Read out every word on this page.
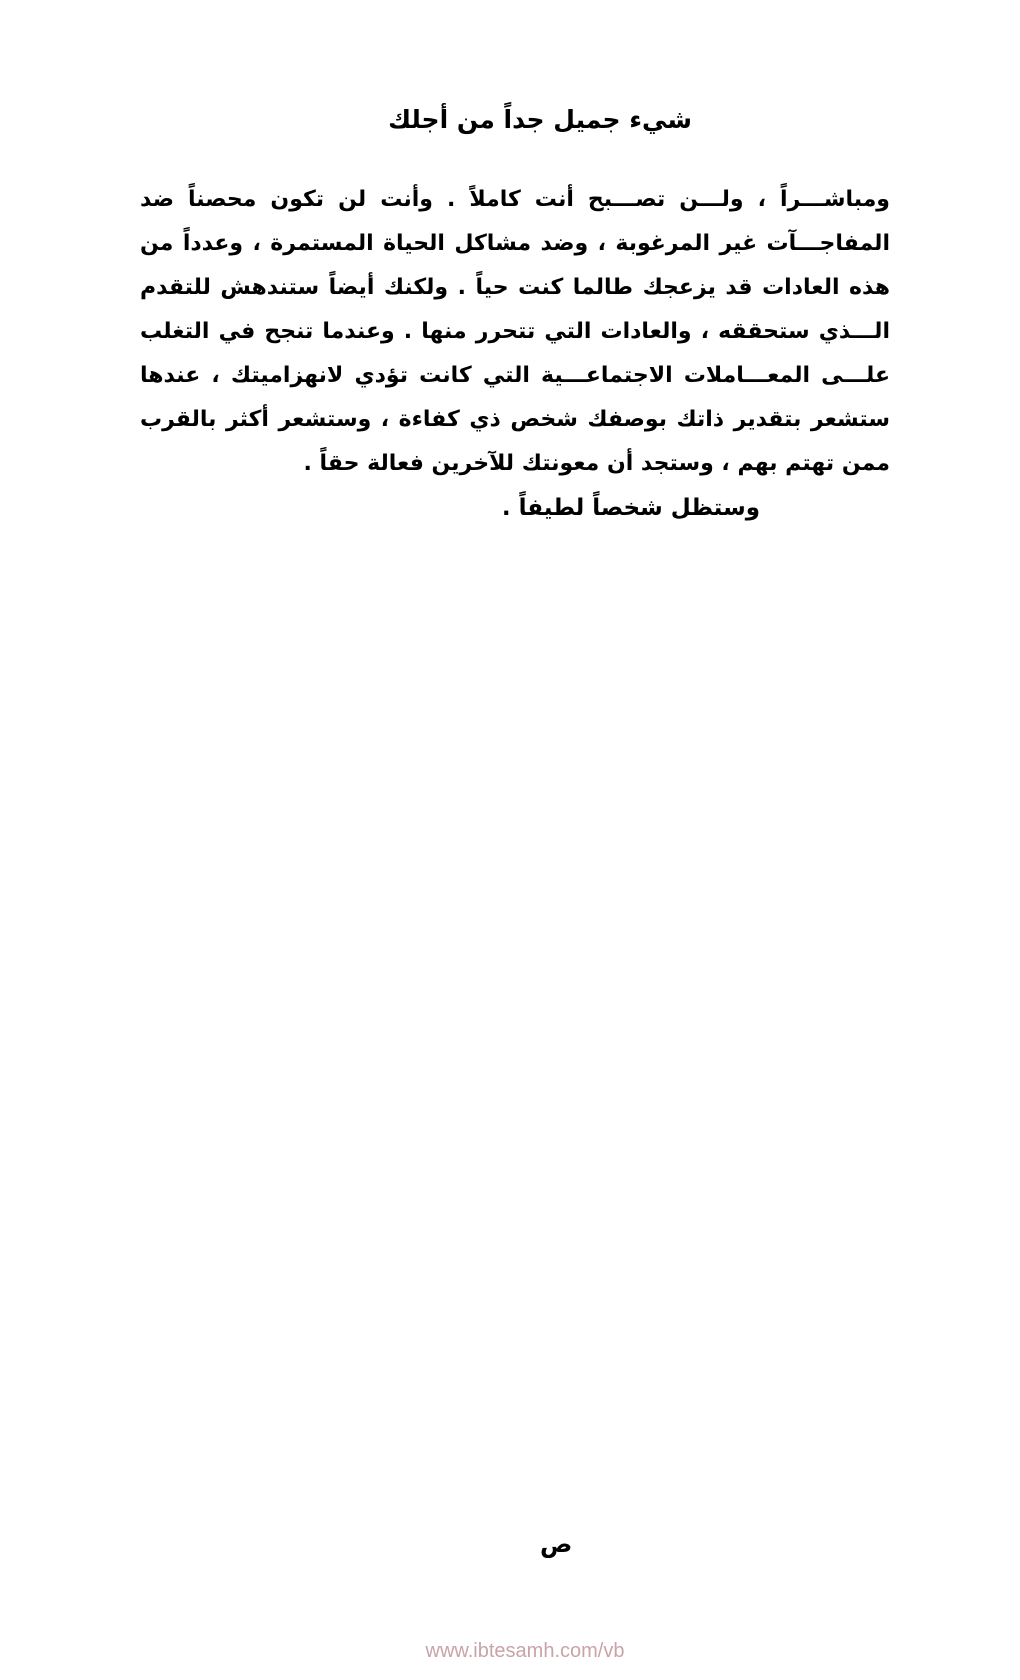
شيء جميل جداً من أجلك
ومباشـــراً ، ولـــن تصـــبح أنت كاملاً . وأنت لن تكون محصناً ضد
المفاجـــآت غير المرغوبة ، وضد مشاكل الحياة المستمرة ، وعدداً من
هذه العادات قد يزعجك طالما كنت حياً . ولكنك أيضاً ستندهش للتقدم
الـــذي ستحققه ، والعادات التي تتحرر منها . وعندما تنجح في التغلب
علـــى المعـــاملات الاجتماعـــية التي كانت تؤدي لانهزاميتك ، عندها
ستشعر بتقدير ذاتك بوصفك شخص ذي كفاءة ، وستشعر أكثر بالقرب
ممن تهتم بهم ، وستجد أن معونتك للآخرين فعالة حقاً .
وستظل شخصاً لطيفاً .
ص
www.ibtesamh.com/vb
